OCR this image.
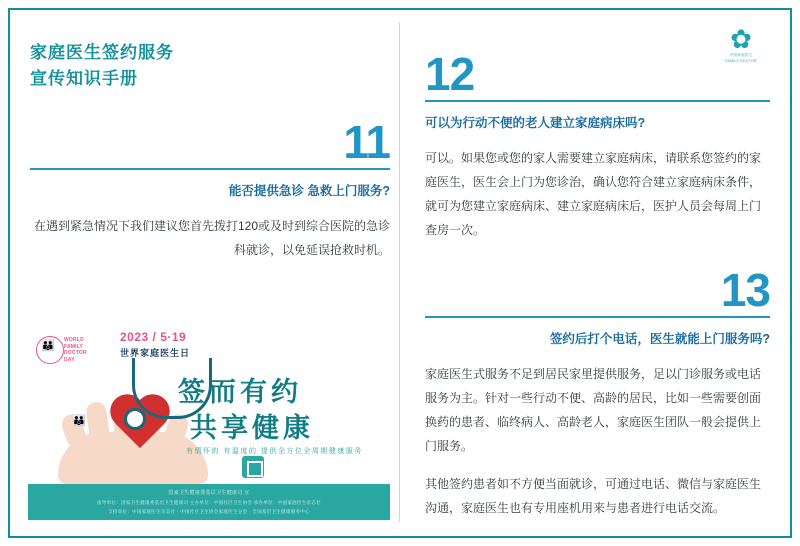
✿
中国家庭医生
FAMILY DOCTOR
家庭医生签约服务
宣传知识手册
11
能否提供急诊 急救上门服务?
在遇到紧急情况下我们建议您首先拨打120或及时到综合医院的急诊科就诊，以免延误抢救时机。
12
可以为行动不便的老人建立家庭病床吗?
可以。如果您或您的家人需要建立家庭病床，请联系您签约的家庭医生，医生会上门为您诊治，确认您符合建立家庭病床条件，就可为您建立家庭病床、建立家庭病床后，医护人员会每周上门查房一次。
13
签约后打个电话，医生就能上门服务吗?
家庭医生式服务不足到居民家里提供服务，足以门诊服务或电话服务为主。针对一些行动不便、高龄的居民，比如一些需要创面换药的患者、临终病人、高龄老人，家庭医生团队一般会提供上门服务。
其他签约患者如不方便当面就诊，可通过电话、微信与家庭医生沟通，家庭医生也有专用座机用来与患者进行电话交流。
👪 WORLD
FAMILY
DOCTOR
DAY
2023 / 5·19
世界家庭医生日
👪
签而有约
共享健康
有情怀的 有温度的 提供全方位全周期健康服务
国家卫生健康委基层卫生健康司 宣
指导单位：国家卫生健康委基层卫生健康司 主办单位：中国社区卫生协会 承办单位：中国家庭医生杂志社
支持单位：中国家庭医生杂志社 · 中国社区卫生协会家庭医生分会 · 全国基层卫生健康服务中心
